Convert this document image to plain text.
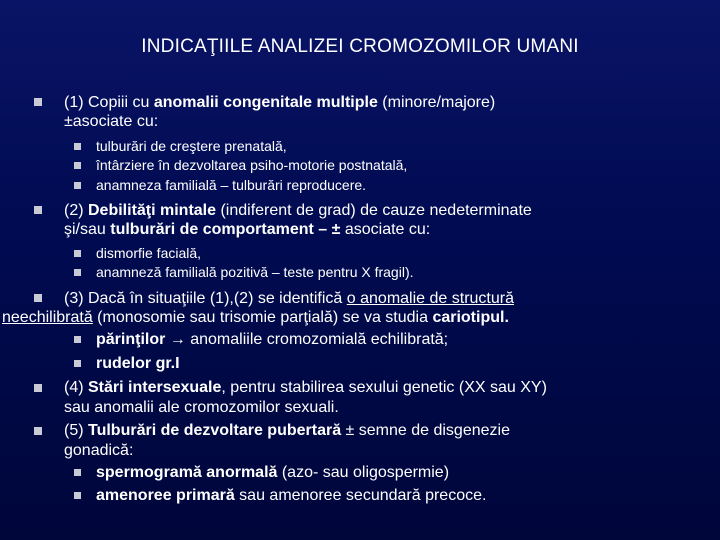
INDICAŢIILE ANALIZEI CROMOZOMILOR UMANI
(1) Copiii cu anomalii congenitale multiple (minore/majore)
±asociate cu:
tulburări de creştere prenatală,
întârziere în dezvoltarea psiho-motorie postnatală,
anamneza familială – tulburări reproducere.
(2) Debilităţi mintale (indiferent de grad) de cauze nedeterminate
şi/sau tulburări de comportament – ± asociate cu:
dismorfie facială,
anamneză familială pozitivă – teste pentru X fragil).
(3) Dacă în situaţiile (1),(2) se identifică o anomalie de structură
neechilibrată (monosomie sau trisomie parţială) se va studia cariotipul.
părinţilor → anomaliile cromozomială echilibrată;
rudelor gr.I
(4) Stări intersexuale, pentru stabilirea sexului genetic (XX sau XY)
sau anomalii ale cromozomilor sexuali.
(5) Tulburări de dezvoltare pubertară ± semne de disgenezie
gonadică:
spermogramă anormală (azo- sau oligospermie)
amenoree primară sau amenoree secundară precoce.
